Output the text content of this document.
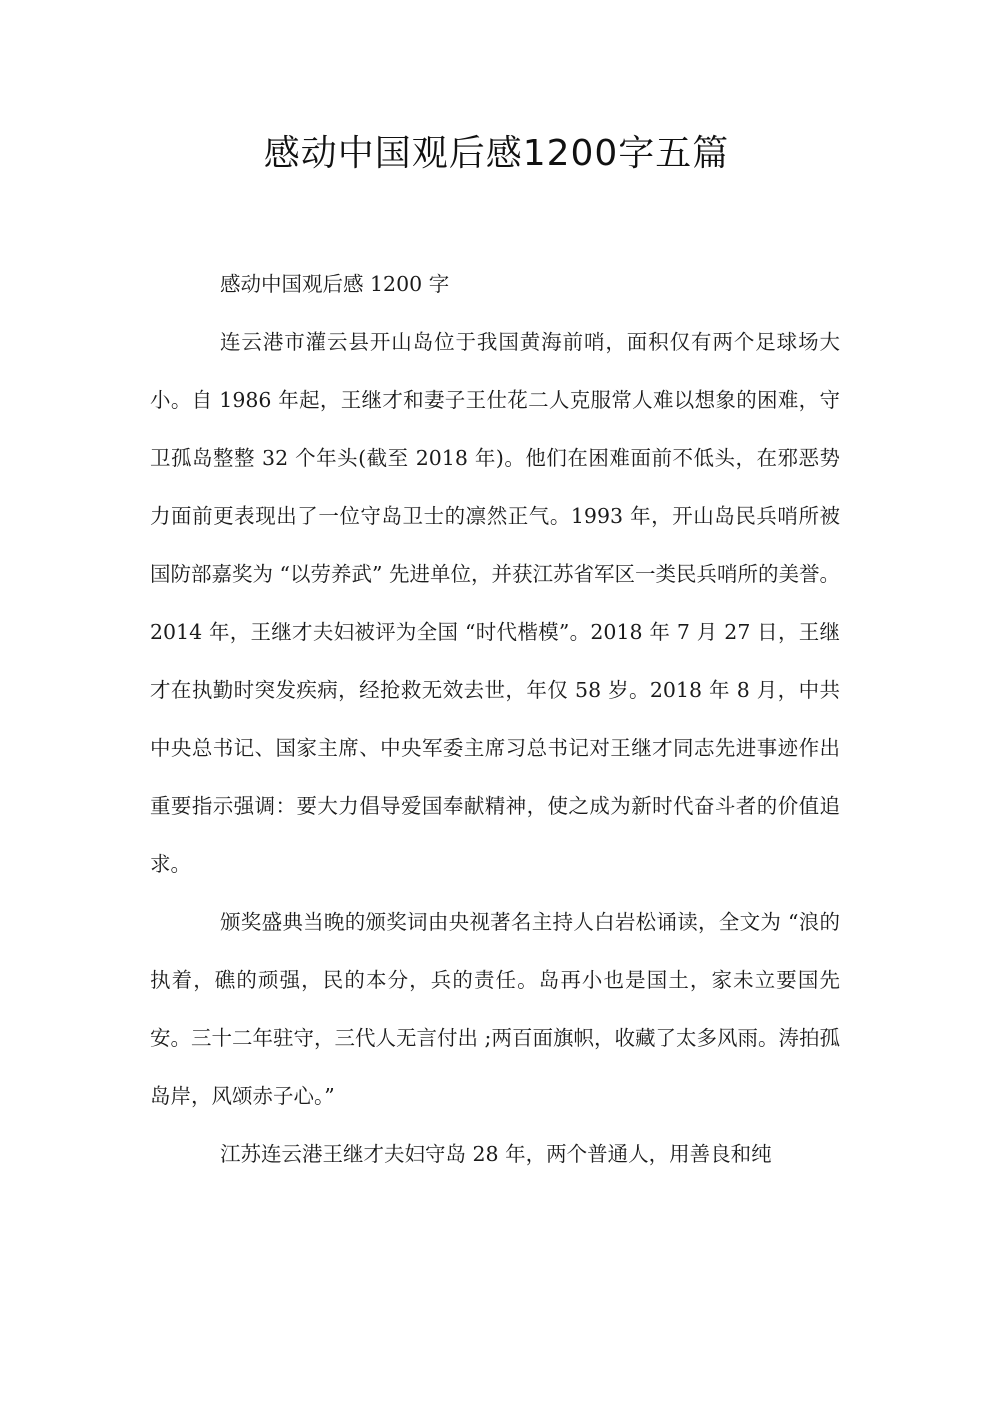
感动中国观后感1200字五篇

感动中国观后感 1200 字

连云港市灌云县开山岛位于我国黄海前哨，面积仅有两个足球场大小。自 1986 年起，王继才和妻子王仕花二人克服常人难以想象的困难，守卫孤岛整整 32 个年头(截至 2018 年)。他们在困难面前不低头，在邪恶势力面前更表现出了一位守岛卫士的凛然正气。1993 年，开山岛民兵哨所被国防部嘉奖为 “以劳养武” 先进单位，并获江苏省军区一类民兵哨所的美誉。 2014 年，王继才夫妇被评为全国 “时代楷模”。2018 年 7 月 27 日，王继才在执勤时突发疾病，经抢救无效去世，年仅 58 岁。2018 年 8 月，中共中央总书记、国家主席、中央军委主席习总书记对王继才同志先进事迹作出重要指示强调：要大力倡导爱国奉献精神，使之成为新时代奋斗者的价值追求。

颁奖盛典当晚的颁奖词由央视著名主持人白岩松诵读，全文为 “浪的执着，礁的顽强，民的本分，兵的责任。岛再小也是国土，家未立要国先安。三十二年驻守，三代人无言付出 ;两百面旗帜，收藏了太多风雨。涛拍孤岛岸，风颂赤子心。”

江苏连云港王继才夫妇守岛 28 年，两个普通人，用善良和纯
